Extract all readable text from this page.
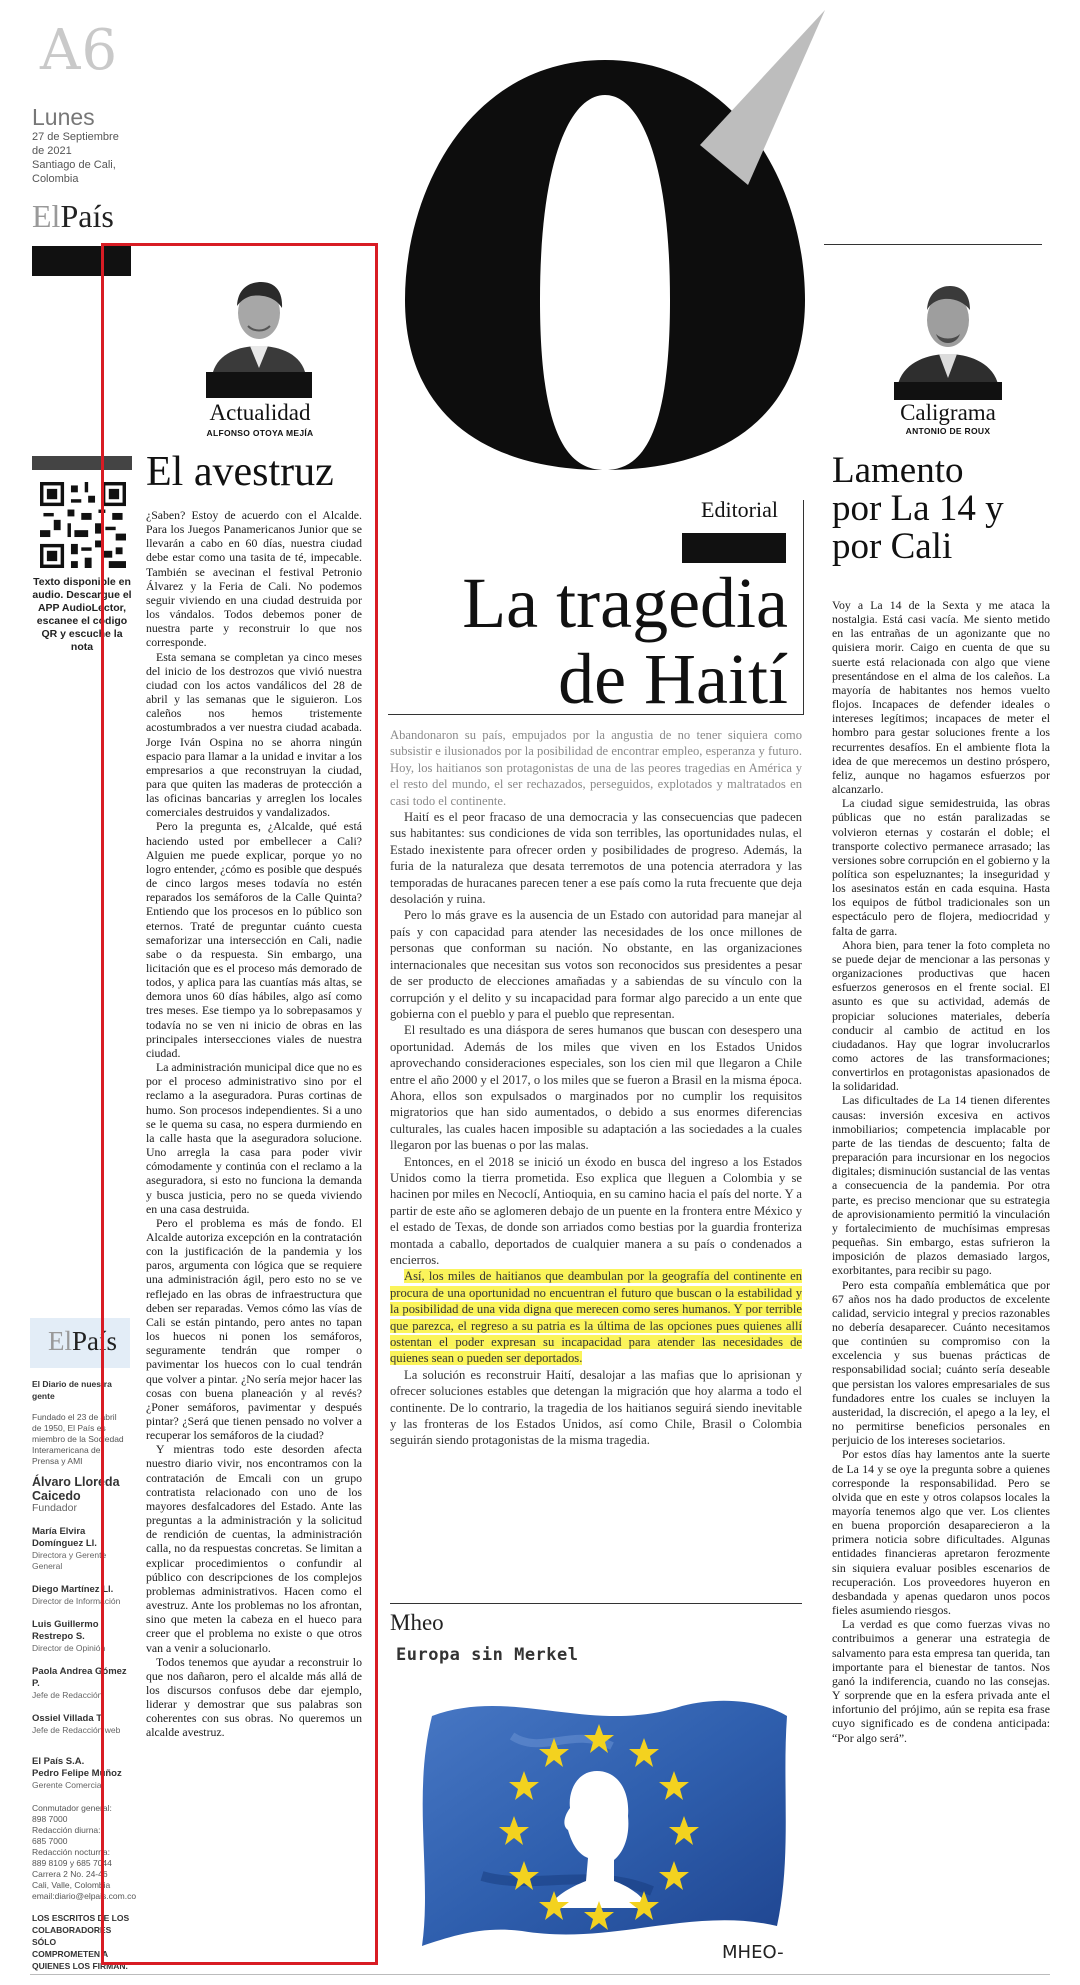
A6
Lunes
27 de Septiembre
de 2021
Santiago de Cali,
Colombia
ElPaís
Texto disponible en audio. Descargue el APP AudioLector, escanee el código QR y escuche la nota
ElPaís
El Diario de nuestra gente
Fundado el 23 de abril
de 1950, El País es
miembro de la Sociedad
Interamericana de
Prensa y AMI
Álvaro Lloreda
Caicedo
Fundador
María Elvira
Domínguez Ll.
Directora y Gerente
General
Diego Martínez Ll.
Director de Información
Luis Guillermo
Restrepo S.
Director de Opinión
Paola Andrea Gómez P.
Jefe de Redacción
Ossiel Villada T.
Jefe de Redacción web
El País S.A.
Pedro Felipe Muñoz
Gerente Comercial
Conmutador general:
898 7000
Redacción diurna:
685 7000
Redacción nocturna:
889 8109 y 685 7044
Carrera 2 No. 24-46
Cali, Valle, Colombia
email:diario@elpais.com.co
LOS ESCRITOS DE LOS
COLABORADORES SÓLO
COMPROMETEN A
QUIENES LOS FIRMAN.
Actualidad
ALFONSO OTOYA MEJÍA
El avestruz

¿Saben? Estoy de acuerdo con el Alcalde. Para los Juegos Panamericanos Junior que se llevarán a cabo en 60 días, nuestra ciudad debe estar como una tasita de té, impecable. También se avecinan el festival Petronio Álvarez y la Feria de Cali. No podemos seguir viviendo en una ciudad destruida por los vándalos. Todos debemos poner de nuestra parte y reconstruir lo que nos corresponde.

Esta semana se completan ya cinco meses del inicio de los destrozos que vivió nuestra ciudad con los actos vandálicos del 28 de abril y las semanas que le siguieron. Los caleños nos hemos tristemente acostumbrados a ver nuestra ciudad acabada. Jorge Iván Ospina no se ahorra ningún espacio para llamar a la unidad e invitar a los empresarios a que reconstruyan la ciudad, para que quiten las maderas de protección a las oficinas bancarias y arreglen los locales comerciales destruidos y vandalizados.

Pero la pregunta es, ¿Alcalde, qué está haciendo usted por embellecer a Cali? Alguien me puede explicar, porque yo no logro entender, ¿cómo es posible que después de cinco largos meses todavía no estén reparados los semáforos de la Calle Quinta? Entiendo que los procesos en lo público son eternos. Traté de preguntar cuánto cuesta semaforizar una intersección en Cali, nadie sabe o da respuesta. Sin embargo, una licitación que es el proceso más demorado de todos, y aplica para las cuantías más altas, se demora unos 60 días hábiles, algo así como tres meses. Ese tiempo ya lo sobrepasamos y todavía no se ven ni inicio de obras en las principales intersecciones viales de nuestra ciudad.

La administración municipal dice que no es por el proceso administrativo sino por el reclamo a la aseguradora. Puras cortinas de humo. Son procesos independientes. Si a uno se le quema su casa, no espera durmiendo en la calle hasta que la aseguradora solucione. Uno arregla la casa para poder vivir cómodamente y continúa con el reclamo a la aseguradora, si esto no funciona la demanda y busca justicia, pero no se queda viviendo en una casa destruida.

Pero el problema es más de fondo. El Alcalde autoriza excepción en la contratación con la justificación de la pandemia y los paros, argumenta con lógica que se requiere una administración ágil, pero esto no se ve reflejado en las obras de infraestructura que deben ser reparadas. Vemos cómo las vías de Cali se están pintando, pero antes no tapan los huecos ni ponen los semáforos, seguramente tendrán que romper o pavimentar los huecos con lo cual tendrán que volver a pintar. ¿No sería mejor hacer las cosas con buena planeación y al revés? ¿Poner semáforos, pavimentar y después pintar? ¿Será que tienen pensado no volver a recuperar los semáforos de la ciudad?

Y mientras todo este desorden afecta nuestro diario vivir, nos encontramos con la contratación de Emcali con un grupo contratista relacionado con uno de los mayores desfalcadores del Estado. Ante las preguntas a la administración y la solicitud de rendición de cuentas, la administración calla, no da respuestas concretas. Se limitan a explicar procedimientos o confundir al público con descripciones de los complejos problemas administrativos. Hacen como el avestruz. Ante los problemas no los afrontan, sino que meten la cabeza en el hueco para creer que el problema no existe o que otros van a venir a solucionarlo.

Todos tenemos que ayudar a reconstruir lo que nos dañaron, pero el alcalde más allá de los discursos confusos debe dar ejemplo, liderar y demostrar que sus palabras son coherentes con sus obras. No queremos un alcalde avestruz.

Editorial
La tragedia
de Haití

Abandonaron su país, empujados por la angustia de no tener siquiera como subsistir e ilusionados por la posibilidad de encontrar empleo, esperanza y futuro. Hoy, los haitianos son protagonistas de una de las peores tragedias en América y el resto del mundo, el ser rechazados, perseguidos, explotados y maltratados en casi todo el continente.

Haití es el peor fracaso de una democracia y las consecuencias que padecen sus habitantes: sus condiciones de vida son terribles, las oportunidades nulas, el Estado inexistente para ofrecer orden y posibilidades de progreso. Además, la furia de la naturaleza que desata terremotos de una potencia aterradora y las temporadas de huracanes parecen tener a ese país como la ruta frecuente que deja desolación y ruina.

Pero lo más grave es la ausencia de un Estado con autoridad para manejar al país y con capacidad para atender las necesidades de los once millones de personas que conforman su nación. No obstante, en las organizaciones internacionales que necesitan sus votos son reconocidos sus presidentes a pesar de ser producto de elecciones amañadas y a sabiendas de su vínculo con la corrupción y el delito y su incapacidad para formar algo parecido a un ente que gobierna con el pueblo y para el pueblo que representan.

El resultado es una diáspora de seres humanos que buscan con desespero una oportunidad. Además de los miles que viven en los Estados Unidos aprovechando consideraciones especiales, son los cien mil que llegaron a Chile entre el año 2000 y el 2017, o los miles que se fueron a Brasil en la misma época. Ahora, ellos son expulsados o marginados por no cumplir los requisitos migratorios que han sido aumentados, o debido a sus enormes diferencias culturales, las cuales hacen imposible su adaptación a las sociedades a la cuales llegaron por las buenas o por las malas.

Entonces, en el 2018 se inició un éxodo en busca del ingreso a los Estados Unidos como la tierra prometida. Eso explica que lleguen a Colombia y se hacinen por miles en Necoclí, Antioquia, en su camino hacia el país del norte. Y a partir de este año se aglomeren debajo de un puente en la frontera entre México y el estado de Texas, de donde son arriados como bestias por la guardia fronteriza montada a caballo, deportados de cualquier manera a su país o condenados a encierros.

Así, los miles de haitianos que deambulan por la geografía del continente en procura de una oportunidad no encuentran el futuro que buscan o la estabilidad y la posibilidad de una vida digna que merecen como seres humanos. Y por terrible que parezca, el regreso a su patria es la última de las opciones pues quienes allí ostentan el poder expresan su incapacidad para atender las necesidades de quienes sean o pueden ser deportados.

La solución es reconstruir Haití, desalojar a las mafias que lo aprisionan y ofrecer soluciones estables que detengan la migración que hoy alarma a todo el continente. De lo contrario, la tragedia de los haitianos seguirá siendo inevitable y las fronteras de los Estados Unidos, así como Chile, Brasil o Colombia seguirán siendo protagonistas de la misma tragedia.

Mheo
Europa sin Merkel
MHEO-
Caligrama
ANTONIO DE ROUX
Lamento
por La 14 y
por Cali

Voy a La 14 de la Sexta y me ataca la nostalgia. Está casi vacía. Me siento metido en las entrañas de un agonizante que no quisiera morir. Caigo en cuenta de que su suerte está relacionada con algo que viene presentándose en el alma de los caleños. La mayoría de habitantes nos hemos vuelto flojos. Incapaces de defender ideales o intereses legítimos; incapaces de meter el hombro para gestar soluciones frente a los recurrentes desafíos. En el ambiente flota la idea de que merecemos un destino próspero, feliz, aunque no hagamos esfuerzos por alcanzarlo.

La ciudad sigue semidestruida, las obras públicas que no están paralizadas se volvieron eternas y costarán el doble; el transporte colectivo permanece arrasado; las versiones sobre corrupción en el gobierno y la política son espeluznantes; la inseguridad y los asesinatos están en cada esquina. Hasta los equipos de fútbol tradicionales son un espectáculo pero de flojera, mediocridad y falta de garra.

Ahora bien, para tener la foto completa no se puede dejar de mencionar a las personas y organizaciones productivas que hacen esfuerzos generosos en el frente social. El asunto es que su actividad, además de propiciar soluciones materiales, debería conducir al cambio de actitud en los ciudadanos. Hay que lograr involucrarlos como actores de las transformaciones; convertirlos en protagonistas apasionados de la solidaridad.

Las dificultades de La 14 tienen diferentes causas: inversión excesiva en activos inmobiliarios; competencia implacable por parte de las tiendas de descuento; falta de preparación para incursionar en los negocios digitales; disminución sustancial de las ventas a consecuencia de la pandemia. Por otra parte, es preciso mencionar que su estrategia de aprovisionamiento permitió la vinculación y fortalecimiento de muchísimas empresas pequeñas. Sin embargo, estas sufrieron la imposición de plazos demasiado largos, exorbitantes, para recibir su pago.

Pero esta compañía emblemática que por 67 años nos ha dado productos de excelente calidad, servicio integral y precios razonables no debería desaparecer. Cuánto necesitamos que continúen su compromiso con la excelencia y sus buenas prácticas de responsabilidad social; cuánto sería deseable que persistan los valores empresariales de sus fundadores entre los cuales se incluyen la austeridad, la discreción, el apego a la ley, el no permitirse beneficios personales en perjuicio de los intereses societarios.

Por estos días hay lamentos ante la suerte de La 14 y se oye la pregunta sobre a quienes corresponde la responsabilidad. Pero se olvida que en este y otros colapsos locales la mayoría tenemos algo que ver. Los clientes en buena proporción desaparecieron a la primera noticia sobre dificultades. Algunas entidades financieras apretaron ferozmente sin siquiera evaluar posibles escenarios de recuperación. Los proveedores huyeron en desbandada y apenas quedaron unos pocos fieles asumiendo riesgos.

La verdad es que como fuerzas vivas no contribuimos a generar una estrategia de salvamento para esta empresa tan querida, tan importante para el bienestar de tantos. Nos ganó la indiferencia, cuando no las consejas. Y sorprende que en la esfera privada ante el infortunio del prójimo, aún se repita esa frase cuyo significado es de condena anticipada: “Por algo será”.
